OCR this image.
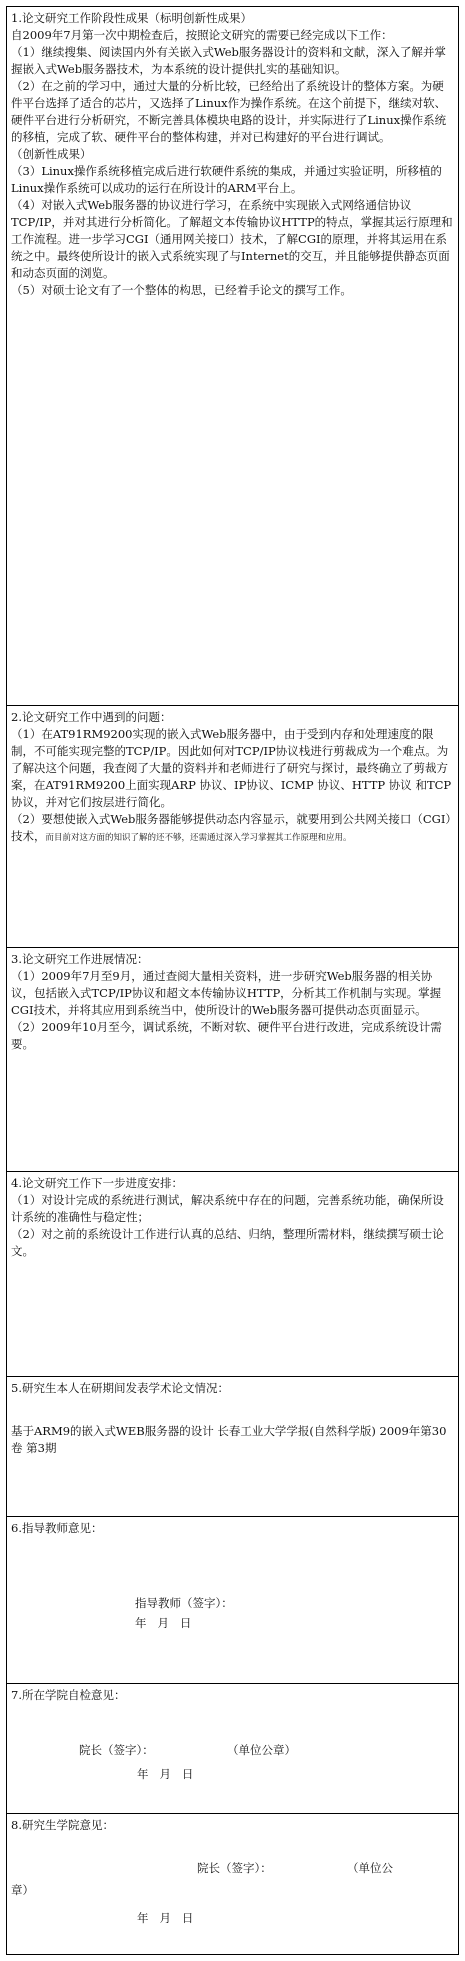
1.论文研究工作阶段性成果（标明创新性成果）

自2009年7月第一次中期检查后，按照论文研究的需要已经完成以下工作：

（1）继续搜集、阅读国内外有关嵌入式Web服务器设计的资料和文献，深入了解并掌握嵌入式Web服务器技术，为本系统的设计提供扎实的基础知识。

（2）在之前的学习中，通过大量的分析比较，已经给出了系统设计的整体方案。为硬件平台选择了适合的芯片，又选择了Linux作为操作系统。在这个前提下，继续对软、硬件平台进行分析研究，不断完善具体模块电路的设计，并实际进行了Linux操作系统的移植，完成了软、硬件平台的整体构建，并对已构建好的平台进行调试。

（创新性成果）

（3）Linux操作系统移植完成后进行软硬件系统的集成，并通过实验证明，所移植的Linux操作系统可以成功的运行在所设计的ARM平台上。

（4）对嵌入式Web服务器的协议进行学习，在系统中实现嵌入式网络通信协议TCP/IP，并对其进行分析简化。了解超文本传输协议HTTP的特点，掌握其运行原理和工作流程。进一步学习CGI（通用网关接口）技术，了解CGI的原理，并将其运用在系统之中。最终使所设计的嵌入式系统实现了与Internet的交互，并且能够提供静态页面和动态页面的浏览。

（5）对硕士论文有了一个整体的构思，已经着手论文的撰写工作。

2.论文研究工作中遇到的问题：

（1）在AT91RM9200实现的嵌入式Web服务器中，由于受到内存和处理速度的限制，不可能实现完整的TCP/IP。因此如何对TCP/IP协议栈进行剪裁成为一个难点。为了解决这个问题，我查阅了大量的资料并和老师进行了研究与探讨，最终确立了剪裁方案，在AT91RM9200上面实现ARP 协议、IP协议、ICMP 协议、HTTP 协议 和TCP 协议，并对它们按层进行简化。

（2）要想使嵌入式Web服务器能够提供动态内容显示，就要用到公共网关接口（CGI）技术，而目前对这方面的知识了解的还不够，还需通过深入学习掌握其工作原理和应用。

3.论文研究工作进展情况：

（1）2009年7月至9月，通过查阅大量相关资料，进一步研究Web服务器的相关协议，包括嵌入式TCP/IP协议和超文本传输协议HTTP，分析其工作机制与实现。掌握CGI技术，并将其应用到系统当中，使所设计的Web服务器可提供动态页面显示。

（2）2009年10月至今，调试系统，不断对软、硬件平台进行改进，完成系统设计需要。

4.论文研究工作下一步进度安排：

（1）对设计完成的系统进行测试，解决系统中存在的问题，完善系统功能，确保所设计系统的准确性与稳定性；

（2）对之前的系统设计工作进行认真的总结、归纳，整理所需材料，继续撰写硕士论文。

5.研究生本人在研期间发表学术论文情况：

基于ARM9的嵌入式WEB服务器的设计 长春工业大学学报(自然科学版) 2009年第30卷 第3期

6.指导教师意见：
指导教师（签字）：
年   月   日
7.所在学院自检意见：
院长（签字）：	（单位公章）
年   月   日
8.研究生学院意见：
院长（签字）：	（单位公
章）
年   月   日
